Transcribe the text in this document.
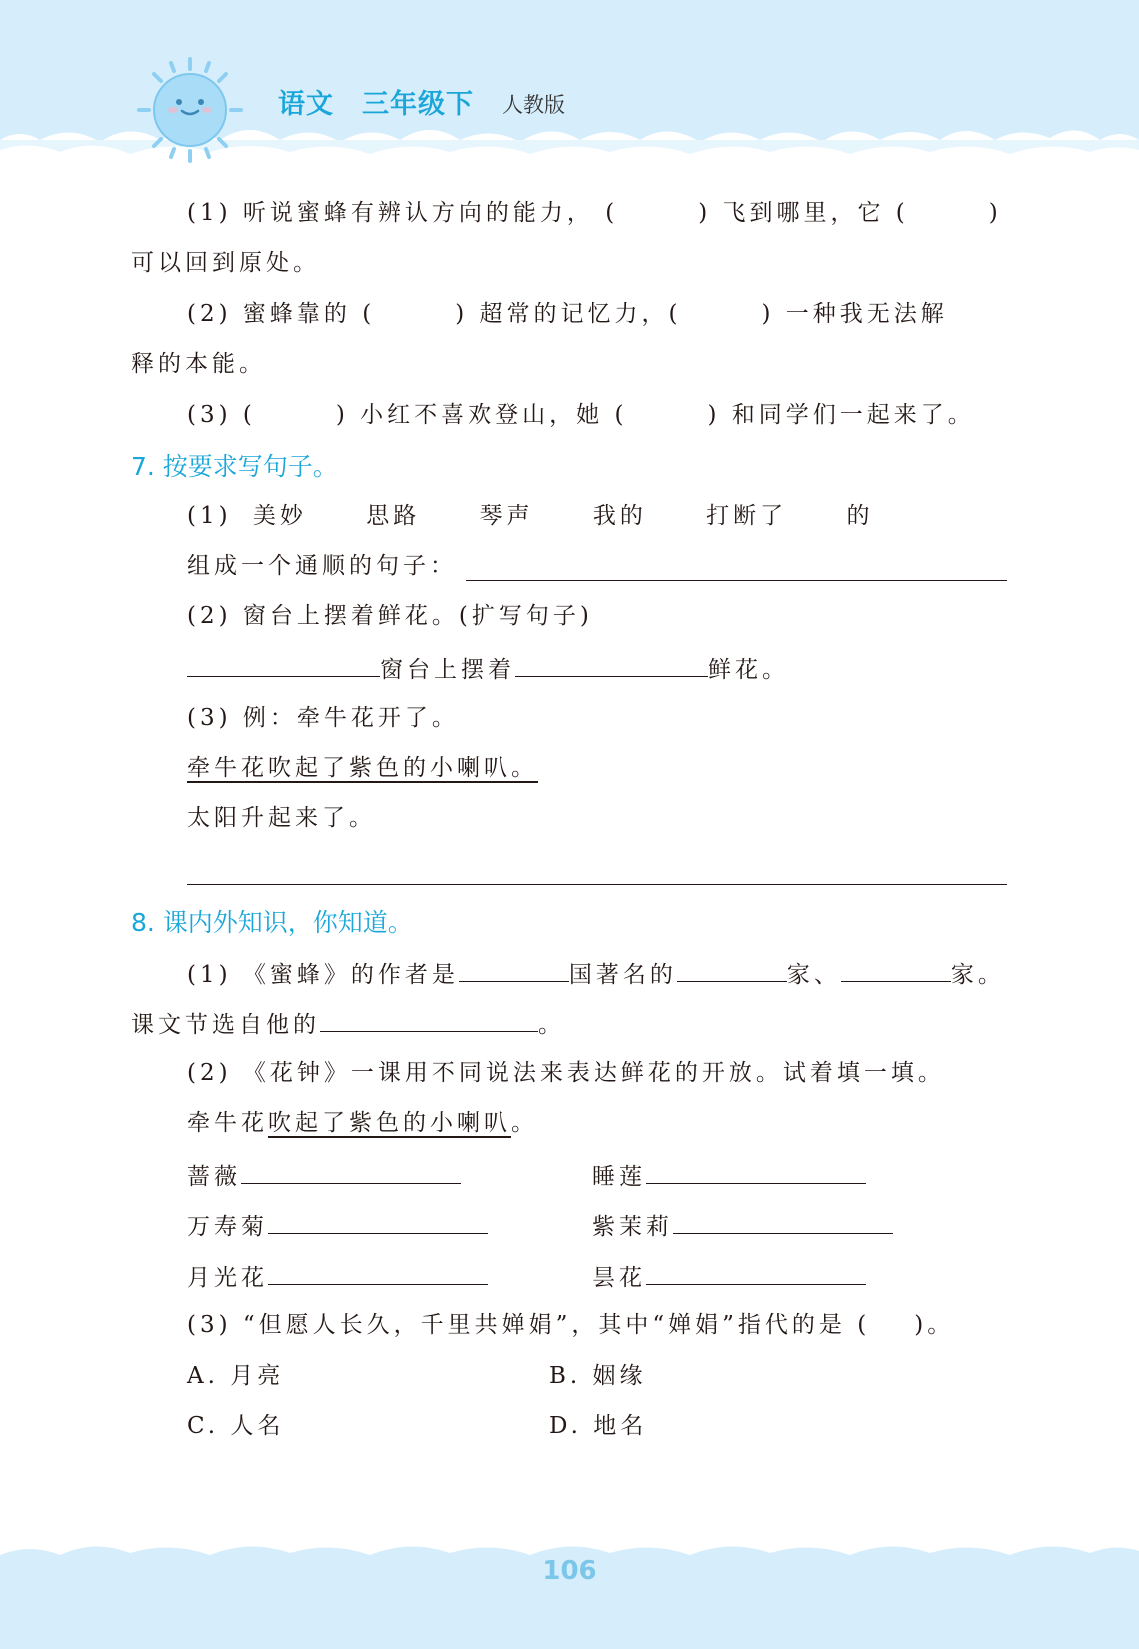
语文 三年级下 人教版
(1) 听说蜜蜂有辨认方向的能力， (	) 飞到哪里，它 (	)
可以回到原处。
(2) 蜜蜂靠的 (	) 超常的记忆力，(	) 一种我无法解
释的本能。
(3) (	) 小红不喜欢登山，她 (	) 和同学们一起来了。
7. 按要求写句子。
(1) 美妙	思路	琴声	我的	打断了	的
组成一个通顺的句子：
(2) 窗台上摆着鲜花。(扩写句子)
窗台上摆着	鲜花。
(3) 例：牵牛花开了。
牵牛花吹起了紫色的小喇叭。
太阳升起来了。
8. 课内外知识，你知道。
(1) 《蜜蜂》的作者是	国著名的	家、	家。
课文节选自他的	。
(2) 《花钟》一课用不同说法来表达鲜花的开放。试着填一填。
牵牛花吹起了紫色的小喇叭。
蔷薇	睡莲
万寿菊	紫茉莉
月光花	昙花
(3) “但愿人长久，千里共婵娟”，其中“婵娟”指代的是 ( )。
A. 月亮	B. 姻缘
C. 人名	D. 地名
106
